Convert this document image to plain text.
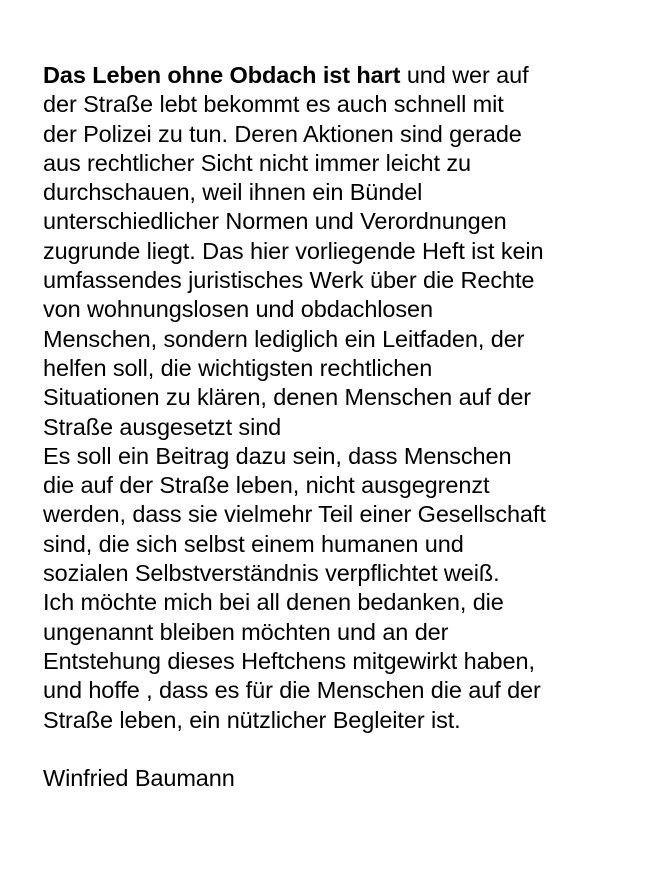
Das Leben ohne Obdach ist hart und wer auf
der Straße lebt bekommt es auch schnell mit
der Polizei zu tun. Deren Aktionen sind gerade
aus rechtlicher Sicht nicht immer leicht zu
durchschauen, weil ihnen ein Bündel
unterschiedlicher Normen und Verordnungen
zugrunde liegt. Das hier vorliegende Heft ist kein
umfassendes juristisches Werk über die Rechte
von wohnungslosen und obdachlosen
Menschen, sondern lediglich ein Leitfaden, der
helfen soll, die wichtigsten rechtlichen
Situationen zu klären, denen Menschen auf der
Straße ausgesetzt sind
Es soll ein Beitrag dazu sein, dass Menschen
die auf der Straße leben, nicht ausgegrenzt
werden, dass sie vielmehr Teil einer Gesellschaft
sind, die sich selbst einem humanen und
sozialen Selbstverständnis verpflichtet weiß.
Ich möchte mich bei all denen bedanken, die
ungenannt bleiben möchten und an der
Entstehung dieses Heftchens mitgewirkt haben,
und hoffe , dass es für die Menschen die auf der
Straße leben, ein nützlicher Begleiter ist.
Winfried Baumann
